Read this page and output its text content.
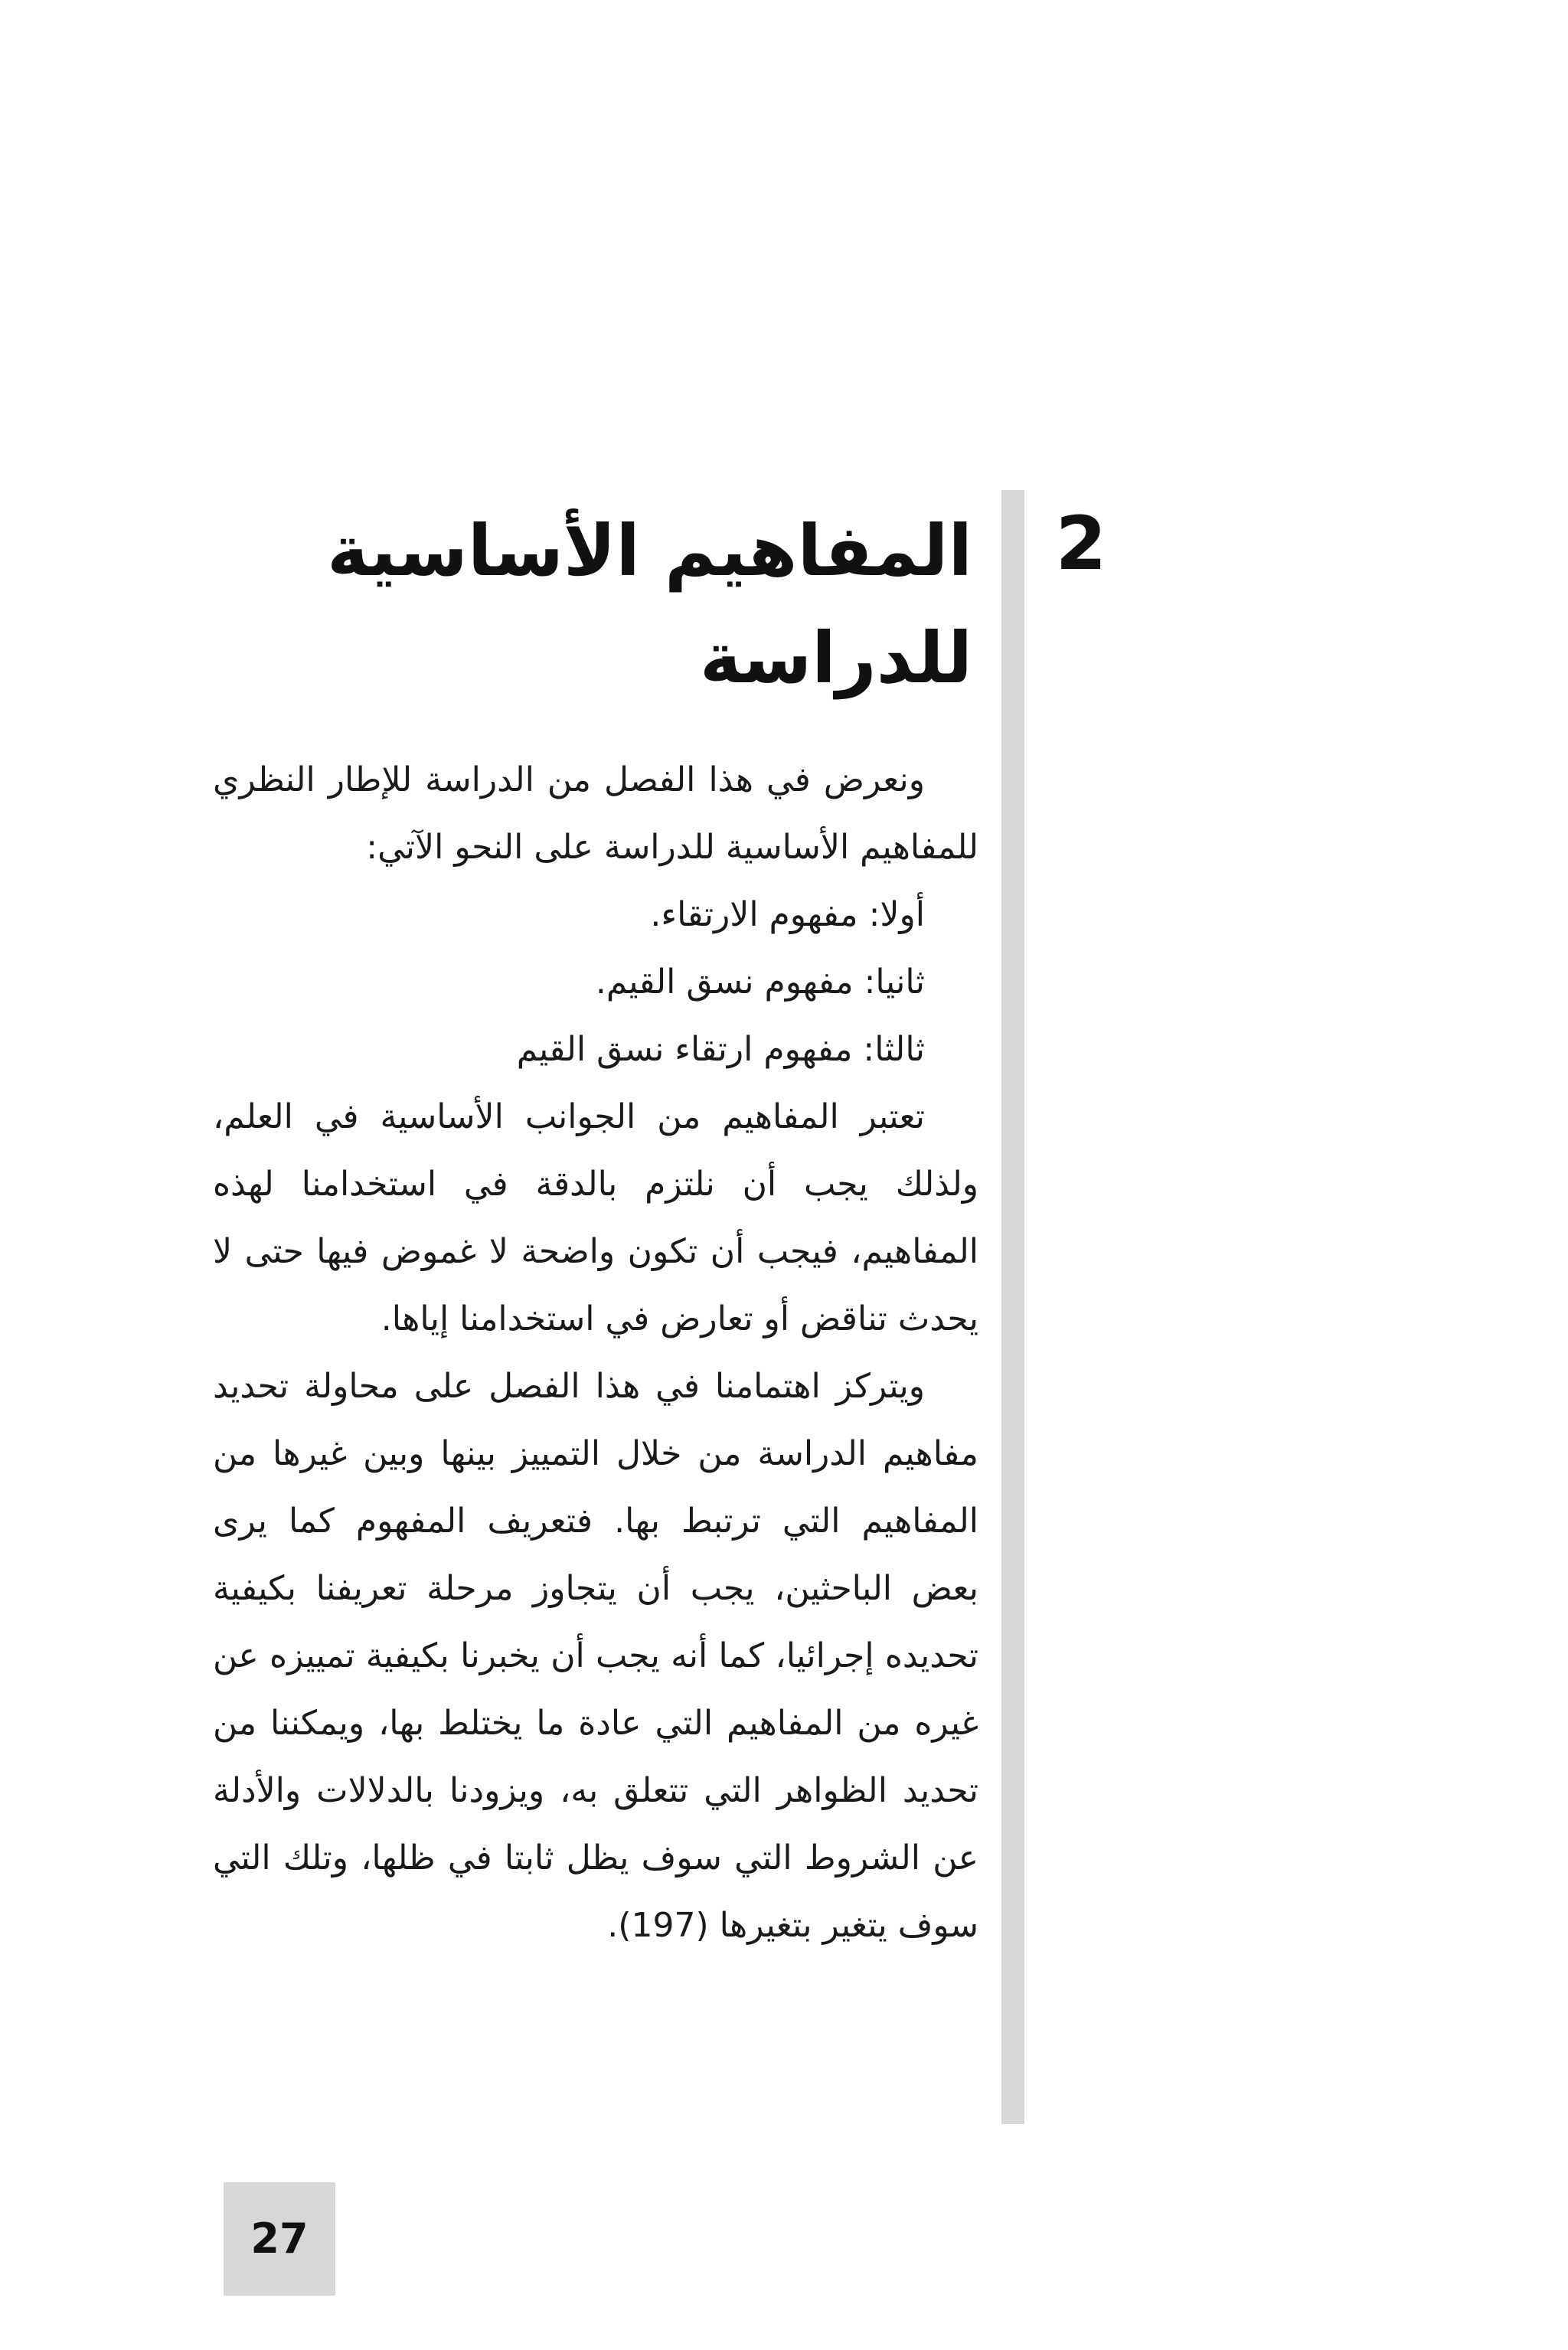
2
المفاهيم الأساسية للدراسة

ونعرض في هذا الفصل من الدراسة للإطار النظري للمفاهيم الأساسية للدراسة على النحو الآتي:

أولا: مفهوم الارتقاء.

ثانيا: مفهوم نسق القيم.

ثالثا: مفهوم ارتقاء نسق القيم

تعتبر المفاهيم من الجوانب الأساسية في العلم، ولذلك يجب أن نلتزم بالدقة في استخدامنا لهذه المفاهيم، فيجب أن تكون واضحة لا غموض فيها حتى لا يحدث تناقض أو تعارض في استخدامنا إياها.

ويتركز اهتمامنا في هذا الفصل على محاولة تحديد مفاهيم الدراسة من خلال التمييز بينها وبين غيرها من المفاهيم التي ترتبط بها. فتعريف المفهوم كما يرى بعض الباحثين، يجب أن يتجاوز مرحلة تعريفنا بكيفية تحديده إجرائيا، كما أنه يجب أن يخبرنا بكيفية تمييزه عن غيره من المفاهيم التي عادة ما يختلط بها، ويمكننا من تحديد الظواهر التي تتعلق به، ويزودنا بالدلالات والأدلة عن الشروط التي سوف يظل ثابتا في ظلها، وتلك التي سوف يتغير بتغيرها (197).

27
